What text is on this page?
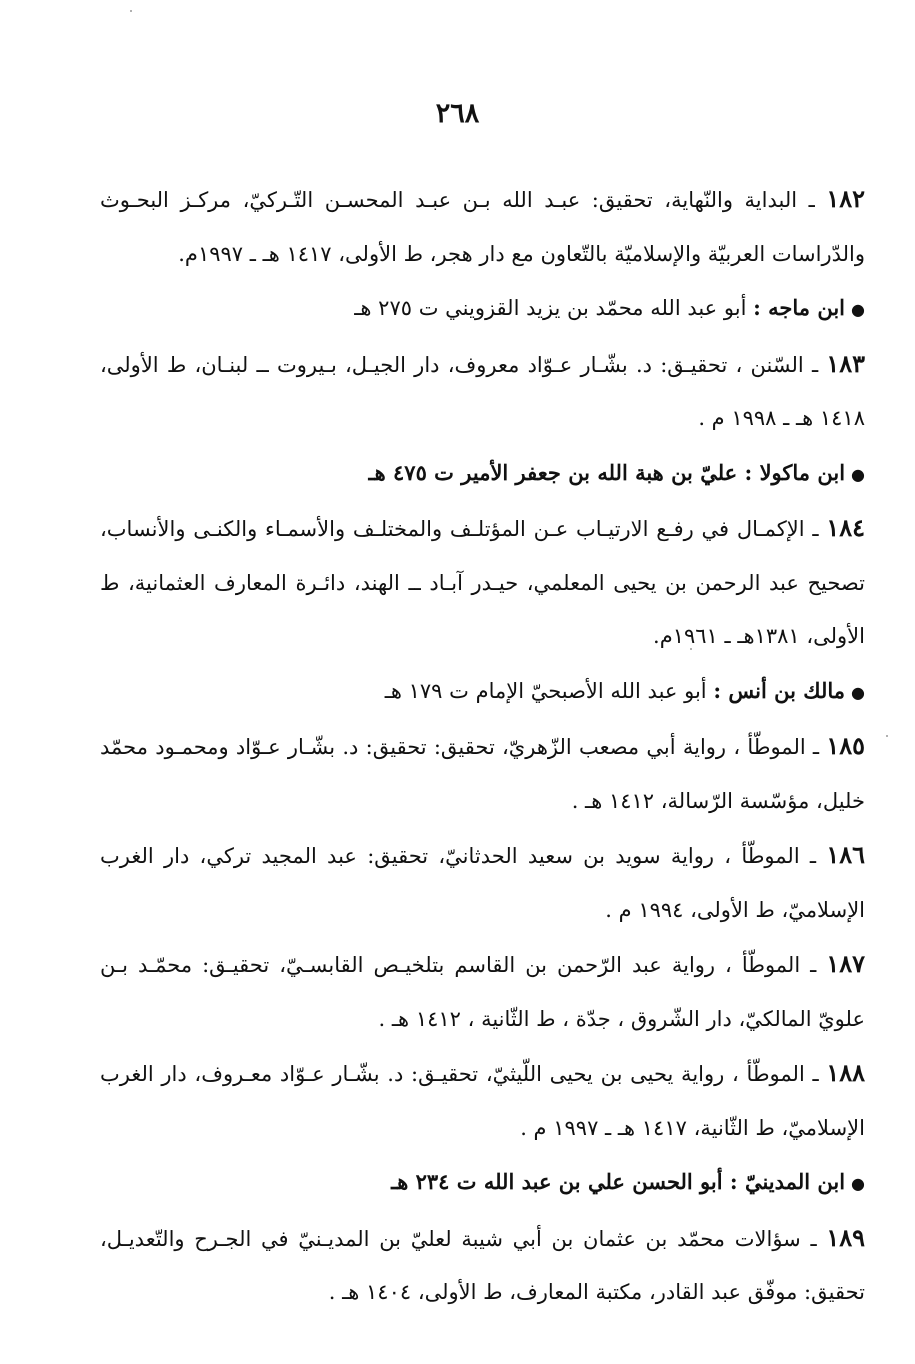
٢٦٨

١٨٢ ـ البداية والنّهاية، تحقيق: عبـد الله بـن عبـد المحسـن التّـركيّ، مركـز البحـوث والدّراسات العربيّة والإسلاميّة بالتّعاون مع دار هجر، ط الأولى، ١٤١٧ هـ ـ ١٩٩٧م.

●ابن ماجه : أبو عبد الله محمّد بن يزيد القزويني ت ٢٧٥ هـ

١٨٣ ـ السّنن ، تحقيـق: د. بشّـار عـوّاد معروف، دار الجيـل، بـيروت ــ لبنـان، ط الأولى، ١٤١٨ هـ ـ ١٩٩٨ م .

●ابن ماكولا : عليّ بن هبة الله بن جعفر الأمير ت ٤٧٥ هـ

١٨٤ ـ الإكمـال في رفـع الارتيـاب عـن المؤتلـف والمختلـف والأسمـاء والكنـى والأنساب، تصحيح عبد الرحمن بن يحيى المعلمي، حيـدر آبـاد ــ الهند، دائـرة المعارف العثمانية، ط الأولى، ١٣٨١هـ ـ ١٩٦١م.

●مالك بن أنس : أبو عبد الله الأصبحيّ الإمام ت ١٧٩ هـ

١٨٥ ـ الموطّأ ، رواية أبي مصعب الزّهريّ، تحقيق: تحقيق: د. بشّـار عـوّاد ومحمـود محمّد خليل، مؤسّسة الرّسالة، ١٤١٢ هـ .

١٨٦ ـ الموطّأ ، رواية سويد بن سعيد الحدثانيّ، تحقيق: عبد المجيد تركي، دار الغرب الإسلاميّ، ط الأولى، ١٩٩٤ م .

١٨٧ ـ الموطّأ ، رواية عبد الرّحمن بن القاسم بتلخيـص القابسـيّ، تحقيـق: محمّـد بـن علويّ المالكيّ، دار الشّروق ، جدّة ، ط الثّانية ، ١٤١٢ هـ .

١٨٨ ـ الموطّأ ، رواية يحيى بن يحيى اللّيثيّ، تحقيـق: د. بشّـار عـوّاد معـروف، دار الغرب الإسلاميّ، ط الثّانية، ١٤١٧ هـ ـ ١٩٩٧ م .

●ابن المدينيّ : أبو الحسن علي بن عبد الله ت ٢٣٤ هـ

١٨٩ ـ سؤالات محمّد بن عثمان بن أبي شيبة لعليّ بن المديـنيّ في الجـرح والتّعديـل، تحقيق: موفّق عبد القادر، مكتبة المعارف، ط الأولى، ١٤٠٤ هـ .
